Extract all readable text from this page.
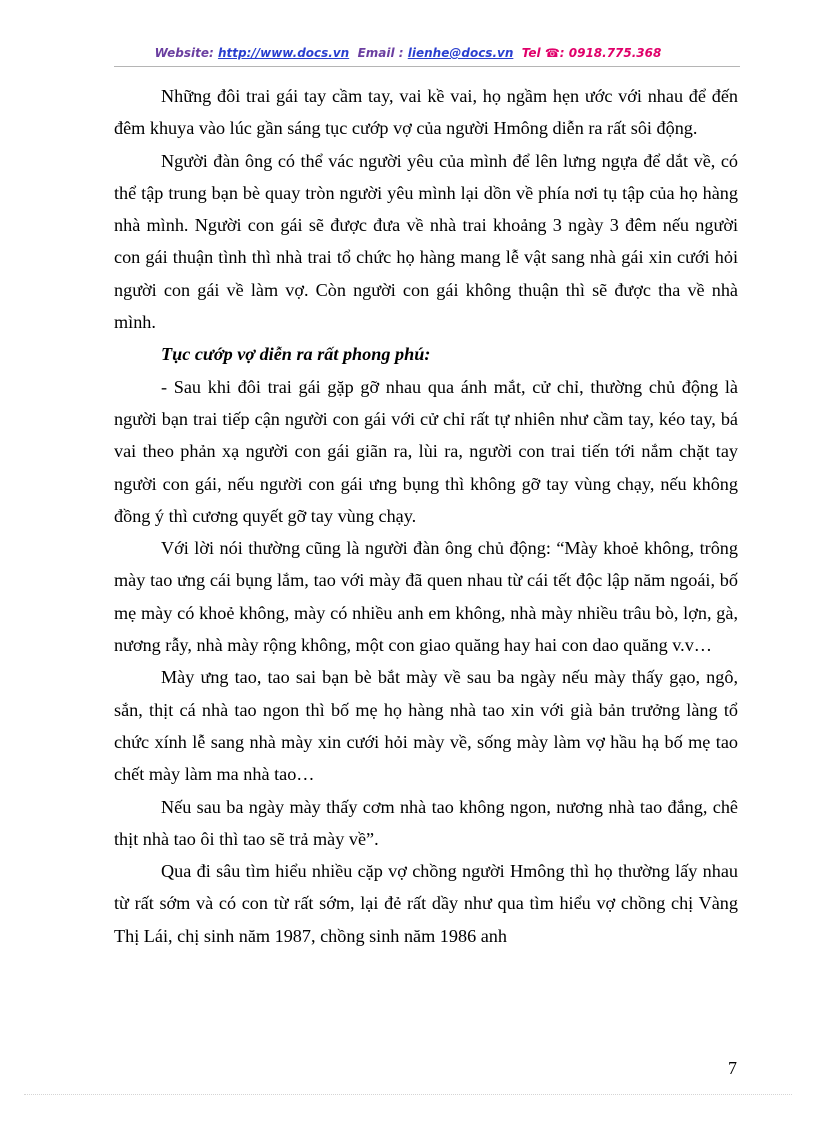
Website: http://www.docs.vn Email : lienhe@docs.vn Tel ☎: 0918.775.368

Những đôi trai gái tay cầm tay, vai kề vai, họ ngầm hẹn ước với nhau để đến đêm khuya vào lúc gần sáng tục cướp vợ của người Hmông diễn ra rất sôi động.

Người đàn ông có thể vác người yêu của mình để lên lưng ngựa để dắt về, có thể tập trung bạn bè quay tròn người yêu mình lại dồn về phía nơi tụ tập của họ hàng nhà mình. Người con gái sẽ được đưa về nhà trai khoảng 3 ngày 3 đêm nếu người con gái thuận tình thì nhà trai tổ chức họ hàng mang lễ vật sang nhà gái xin cưới hỏi người con gái về làm vợ. Còn người con gái không thuận thì sẽ được tha về nhà mình.

Tục cướp vợ diễn ra rất phong phú:

- Sau khi đôi trai gái gặp gỡ nhau qua ánh mắt, cử chỉ, thường chủ động là người bạn trai tiếp cận người con gái với cử chỉ rất tự nhiên như cầm tay, kéo tay, bá vai theo phản xạ người con gái giãn ra, lùi ra, người con trai tiến tới nắm chặt tay người con gái, nếu người con gái ưng bụng thì không gỡ tay vùng chạy, nếu không đồng ý thì cương quyết gỡ tay vùng chạy.

Với lời nói thường cũng là người đàn ông chủ động: “Mày khoẻ không, trông mày tao ưng cái bụng lắm, tao với mày đã quen nhau từ cái tết độc lập năm ngoái, bố mẹ mày có khoẻ không, mày có nhiều anh em không, nhà mày nhiều trâu bò, lợn, gà, nương rẫy, nhà mày rộng không, một con giao quăng hay hai con dao quăng v.v…

Mày ưng tao, tao sai bạn bè bắt mày về sau ba ngày nếu mày thấy gạo, ngô, sắn, thịt cá nhà tao ngon thì bố mẹ họ hàng nhà tao xin với già bản trưởng làng tổ chức xính lễ sang nhà mày xin cưới hỏi mày về, sống mày làm vợ hầu hạ bố mẹ tao chết mày làm ma nhà tao…

Nếu sau ba ngày mày thấy cơm nhà tao không ngon, nương nhà tao đắng, chê thịt nhà tao ôi thì tao sẽ trả mày về”.

Qua đi sâu tìm hiểu nhiều cặp vợ chồng người Hmông thì họ thường lấy nhau từ rất sớm và có con từ rất sớm, lại đẻ rất dầy như qua tìm hiểu vợ chồng chị Vàng Thị Lái, chị sinh năm 1987, chồng sinh năm 1986 anh

7
